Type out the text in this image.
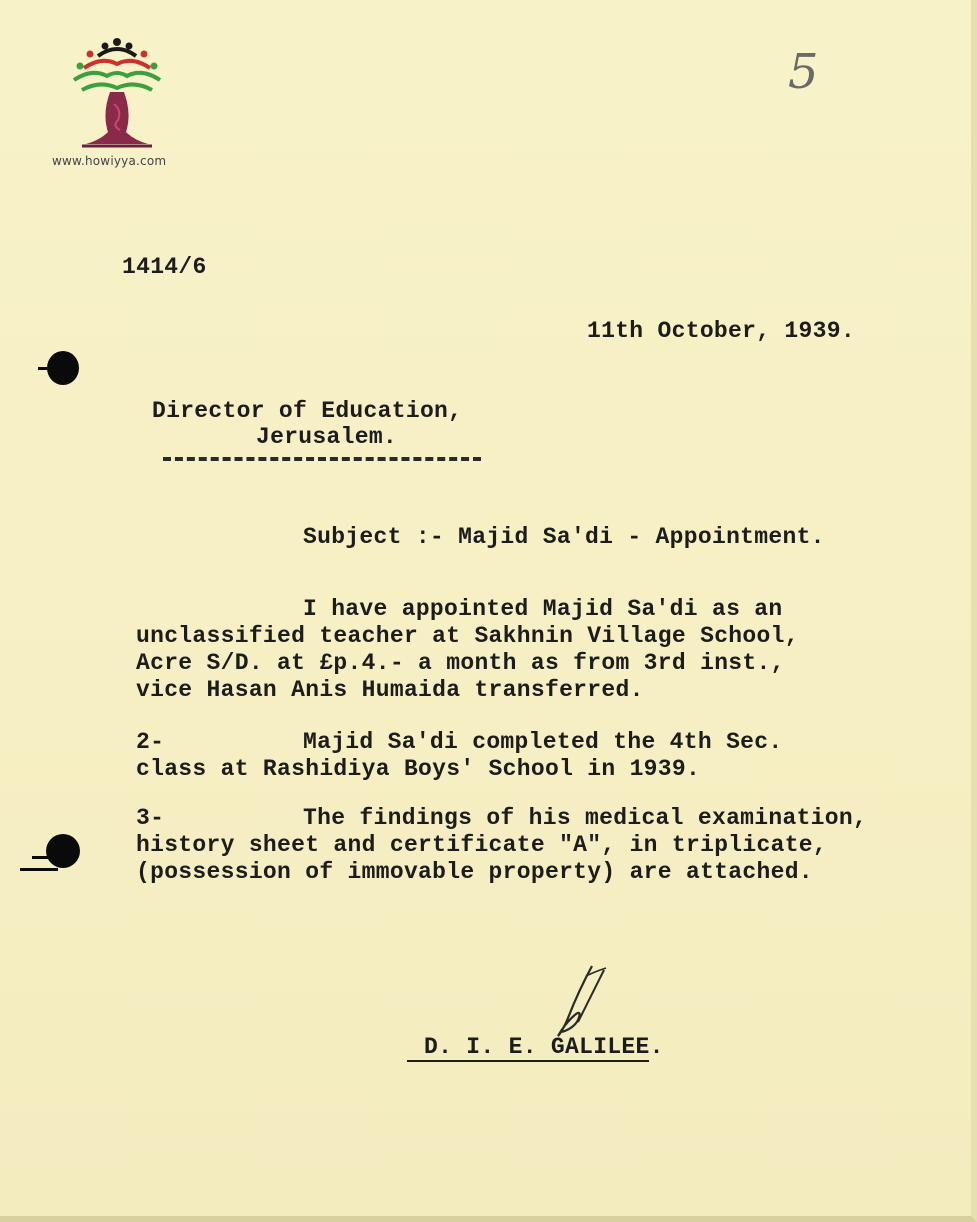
www.howiyya.com
5
1414/6
11th October, 1939.
Director of Education,
Jerusalem.
Subject :- Majid Sa'di - Appointment.
I have appointed Majid Sa'di as an
unclassified teacher at Sakhnin Village School,
Acre S/D. at £p.4.- a month as from 3rd inst.,
vice Hasan Anis Humaida transferred.
2-	Majid Sa'di completed the 4th Sec.
class at Rashidiya Boys' School in 1939.
3-	The findings of his medical examination,
history sheet and certificate "A", in triplicate,
(possession of immovable property) are attached.
D. I. E. GALILEE.
